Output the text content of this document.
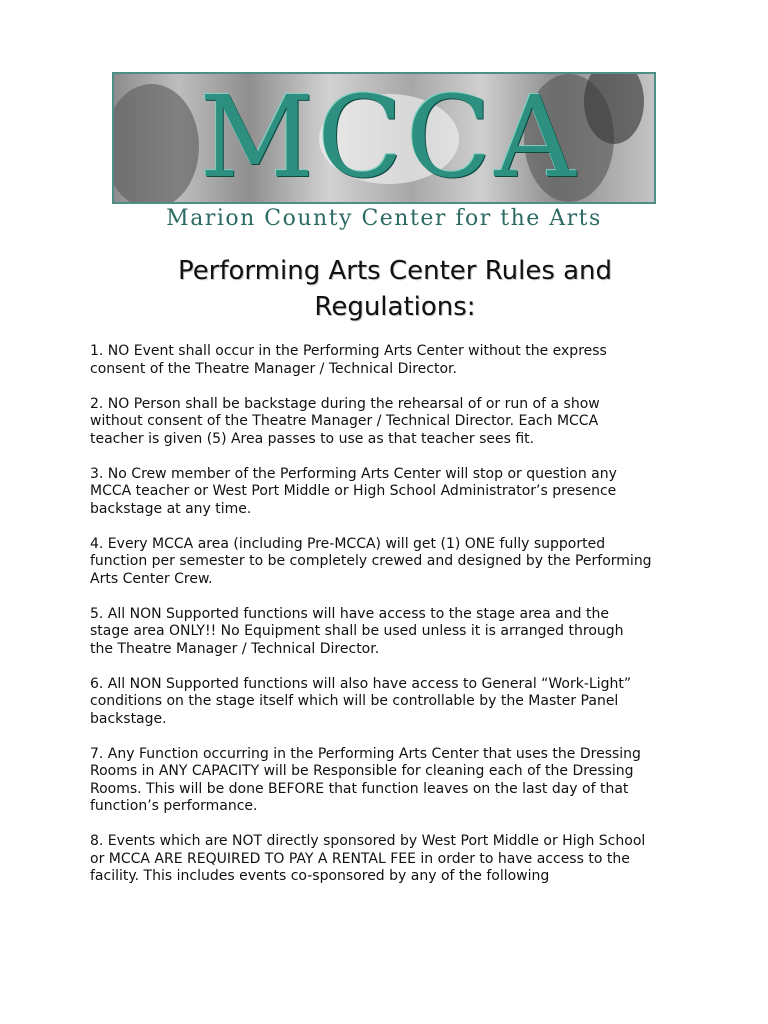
MCCA
Marion County Center for the Arts
Performing Arts Center Rules and
Regulations:
1. NO Event shall occur in the Performing Arts Center without the express
consent of the Theatre Manager / Technical Director.
2. NO Person shall be backstage during the rehearsal of or run of a show
without consent of the Theatre Manager / Technical Director. Each MCCA
teacher is given (5) Area passes to use as that teacher sees fit.
3. No Crew member of the Performing Arts Center will stop or question any
MCCA teacher or West Port Middle or High School Administrator’s presence
backstage at any time.
4. Every MCCA area (including Pre-MCCA) will get (1) ONE fully supported
function per semester to be completely crewed and designed by the Performing
Arts Center Crew.
5. All NON Supported functions will have access to the stage area and the
stage area ONLY!! No Equipment shall be used unless it is arranged through
the Theatre Manager / Technical Director.
6. All NON Supported functions will also have access to General “Work-Light”
conditions on the stage itself which will be controllable by the Master Panel
backstage.
7. Any Function occurring in the Performing Arts Center that uses the Dressing
Rooms in ANY CAPACITY will be Responsible for cleaning each of the Dressing
Rooms. This will be done BEFORE that function leaves on the last day of that
function’s performance.
8. Events which are NOT directly sponsored by West Port Middle or High School
or MCCA ARE REQUIRED TO PAY A RENTAL FEE in order to have access to the
facility. This includes events co-sponsored by any of the following
